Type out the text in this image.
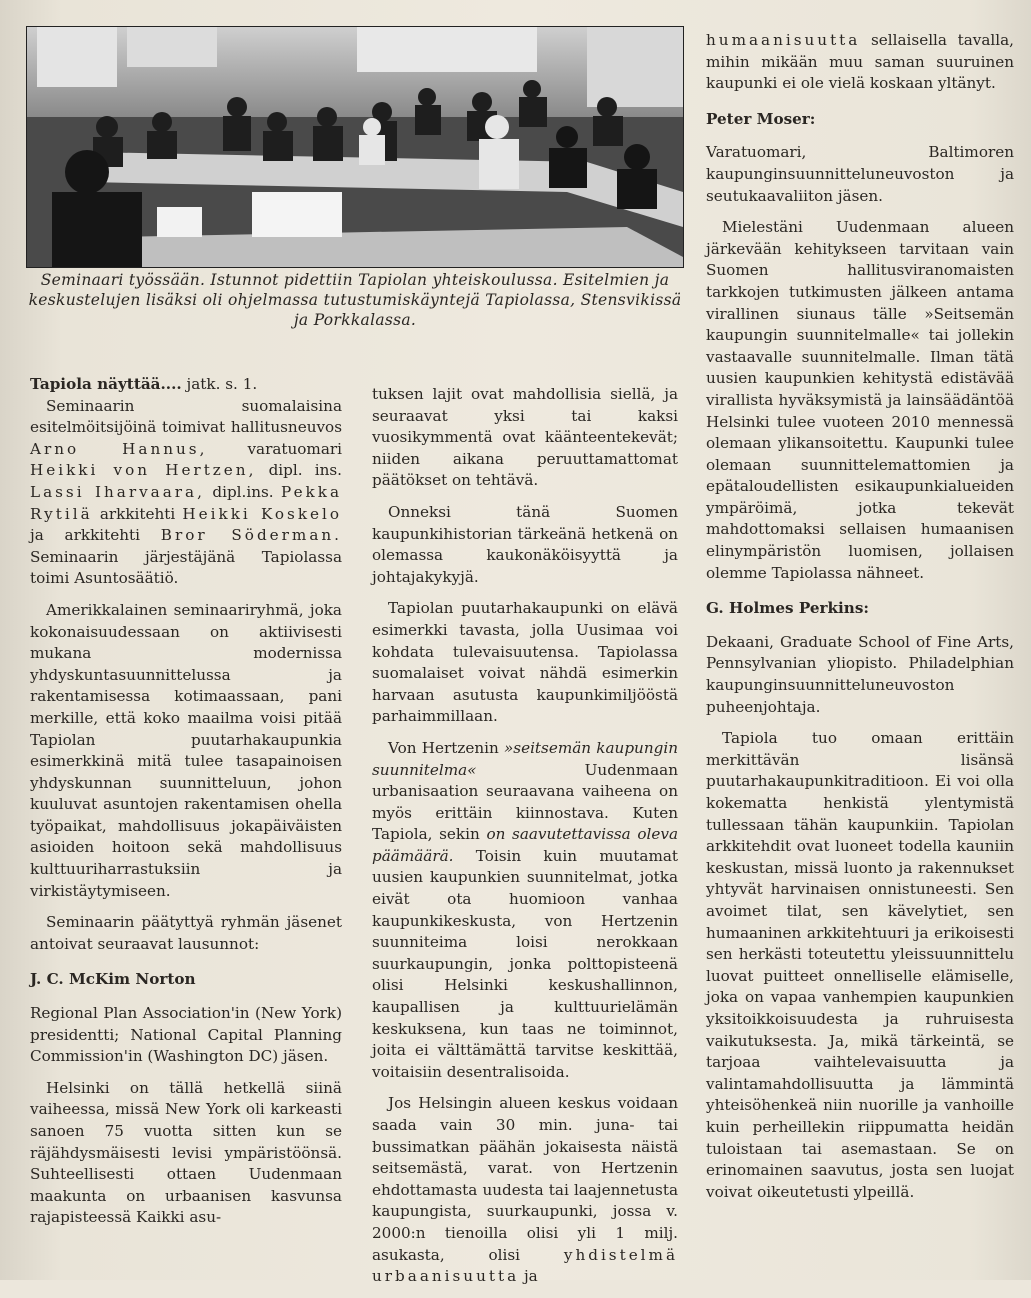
Seminaari työssään. Istunnot pidettiin Tapiolan yhteiskoulussa. Esitelmien ja keskustelujen lisäksi oli ohjelmassa tutustumiskäyntejä Tapiolassa, Stensvikissä ja Porkkalassa.

Tapiola näyttää.... jatk. s. 1.
Seminaarin suomalaisina esitelmöitsijöinä toimivat hallitusneuvos Arno Hannus,	varatuomari Heikki von Hertzen, dipl. ins. Lassi Iharvaara, dipl.ins. Pekka Rytilä arkkitehti Heikki Koskelo ja arkkitehti Bror Söderman. Seminaarin järjestäjänä Tapiolassa toimi Asuntosäätiö.

Amerikkalainen seminaariryhmä, joka kokonaisuudessaan on aktiivisesti mukana modernissa yhdyskuntasuunnittelussa ja rakentamisessa kotimaassaan, pani merkille, että koko maailma voisi pitää Tapiolan puutarhakaupunkia esimerkkinä mitä tulee tasapainoisen yhdyskunnan suunnitteluun, johon kuuluvat asuntojen rakentamisen ohella työpaikat, mahdollisuus jokapäiväisten asioiden hoitoon sekä mahdollisuus kulttuuriharrastuksiin ja virkistäytymiseen.

Seminaarin päätyttyä ryhmän jäsenet antoivat seuraavat lausunnot:

J. C. McKim Norton

Regional Plan Association'in (New York) presidentti; National Capital Planning Commission'in (Washington DC) jäsen.

Helsinki on tällä hetkellä siinä vaiheessa, missä New York oli karkeasti sanoen 75 vuotta sitten kun se räjähdysmäisesti levisi ympäristöönsä. Suhteellisesti ottaen Uudenmaan maakunta on urbaanisen kasvunsa rajapisteessä Kaikki asu-

tuksen lajit ovat mahdollisia siellä, ja seuraavat yksi tai kaksi vuosikymmentä ovat käänteentekevät; niiden aikana peruuttamattomat päätökset on tehtävä.

Onneksi tänä Suomen kaupunkihistorian tärkeänä hetkenä on olemassa kaukonäköisyyttä ja johtajakykyjä.

Tapiolan puutarhakaupunki on elävä esimerkki tavasta, jolla Uusimaa voi kohdata tulevaisuutensa. Tapiolassa suomalaiset voivat nähdä esimerkin harvaan asutusta kaupunkimiljööstä parhaimmillaan.

Von Hertzenin »seitsemän kaupungin suunnitelma«	Uudenmaan urbanisaation seuraavana vaiheena on myös erittäin kiinnostava. Kuten Tapiola, sekin on saavutettavissa oleva päämäärä. Toisin kuin muutamat uusien kaupunkien suunnitelmat, jotka eivät ota huomioon vanhaa kaupunkikeskusta, von Hertzenin suunniteima loisi nerokkaan suurkaupungin, jonka polttopisteenä olisi Helsinki keskushallinnon, kaupallisen ja kulttuurielämän keskuksena, kun taas ne toiminnot, joita ei välttämättä tarvitse keskittää, voitaisiin desentralisoida.

Jos Helsingin alueen keskus voidaan saada vain 30 min. juna- tai bussimatkan päähän jokaisesta näistä seitsemästä, varat. von Hertzenin ehdottamasta uudesta tai laajennetusta kaupungista, suurkaupunki, jossa v. 2000:n tienoilla olisi yli 1 milj. asukasta, olisi	yhdistelmä urbaanisuutta ja

humaanisuutta sellaisella tavalla, mihin mikään muu saman suuruinen kaupunki ei ole vielä koskaan yltänyt.

Peter Moser:

Varatuomari, Baltimoren kaupunginsuunnitteluneuvoston ja seutukaavaliiton jäsen.

Mielestäni Uudenmaan alueen järkevään kehitykseen tarvitaan vain Suomen hallitusviranomaisten tarkkojen tutkimusten jälkeen antama virallinen siunaus tälle »Seitsemän kaupungin suunnitelmalle« tai jollekin vastaavalle suunnitelmalle. Ilman tätä uusien kaupunkien kehitystä edistävää virallista hyväksymistä ja lainsäädäntöä Helsinki tulee vuoteen 2010 mennessä olemaan ylikansoitettu. Kaupunki tulee olemaan suunnittelemattomien ja epätaloudellisten esikaupunkialueiden ympäröimä, jotka tekevät mahdottomaksi sellaisen humaanisen elinympäristön luomisen, jollaisen olemme Tapiolassa nähneet.

G. Holmes Perkins:

Dekaani, Graduate School of Fine Arts, Pennsylvanian yliopisto. Philadelphian kaupunginsuunnitteluneuvoston puheenjohtaja.

Tapiola tuo omaan erittäin merkittävän lisänsä puutarhakaupunkitraditioon. Ei voi olla kokematta henkistä ylentymistä tullessaan tähän kaupunkiin. Tapiolan arkkitehdit ovat luoneet todella kauniin keskustan, missä luonto ja rakennukset yhtyvät harvinaisen onnistuneesti. Sen avoimet tilat, sen kävelytiet, sen humaaninen arkkitehtuuri ja erikoisesti sen herkästi toteutettu yleissuunnittelu luovat puitteet onnelliselle elämiselle, joka on vapaa vanhempien kaupunkien yksitoikkoisuudesta ja ruhruisesta vaikutuksesta. Ja, mikä tärkeintä, se tarjoaa vaihtelevaisuutta ja valintamahdollisuutta ja lämmintä yhteisöhenkeä niin nuorille ja vanhoille kuin perheillekin riippumatta heidän tuloistaan tai asemastaan. Se on erinomainen saavutus, josta sen luojat voivat oikeutetusti ylpeillä.
